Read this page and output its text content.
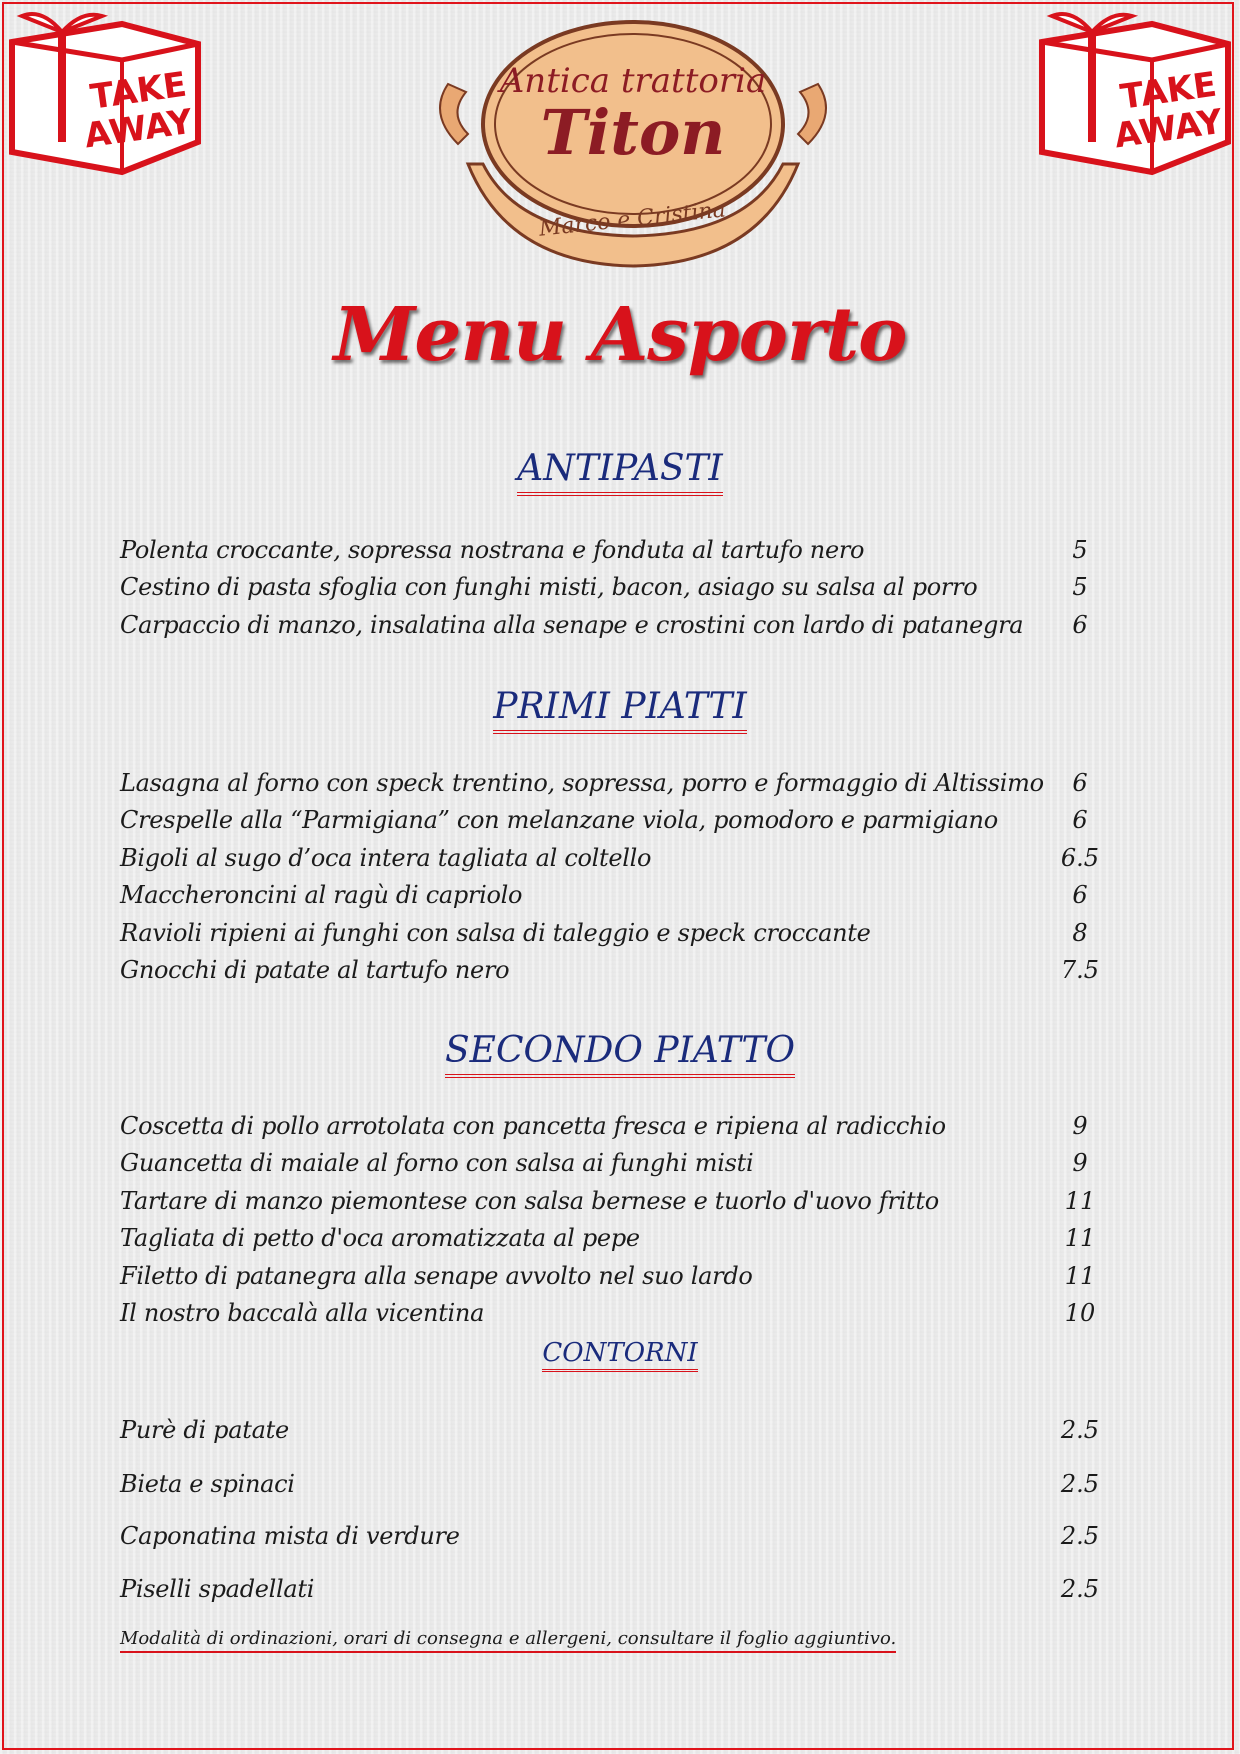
TAKE
AWAY
TAKE
AWAY
Antica trattoria
Titon
Marco e Cristina
Menu Asporto
ANTIPASTI
Polenta croccante, sopressa nostrana e fonduta al tartufo nero	5
Cestino di pasta sfoglia con funghi misti, bacon, asiago su salsa al porro	5
Carpaccio di manzo, insalatina alla senape e crostini con lardo di patanegra	6
PRIMI PIATTI
Lasagna al forno con speck trentino, sopressa, porro e formaggio di Altissimo	6
Crespelle alla “Parmigiana” con melanzane viola, pomodoro e parmigiano	6
Bigoli al sugo d’oca intera tagliata al coltello	6.5
Maccheroncini al ragù di capriolo	6
Ravioli ripieni ai funghi con salsa di taleggio e speck croccante	8
Gnocchi di patate al tartufo nero	7.5
SECONDO PIATTO
Coscetta di pollo arrotolata con pancetta fresca e ripiena al radicchio	9
Guancetta di maiale al forno con salsa ai funghi misti	9
Tartare di manzo piemontese con salsa bernese e tuorlo d'uovo fritto	11
Tagliata di petto d'oca aromatizzata al pepe	11
Filetto di patanegra alla senape avvolto nel suo lardo	11
Il nostro baccalà alla vicentina	10
CONTORNI
Purè di patate	2.5
Bieta e spinaci	2.5
Caponatina mista di verdure	2.5
Piselli spadellati	2.5
Modalità di ordinazioni, orari di consegna e allergeni, consultare il foglio aggiuntivo.
